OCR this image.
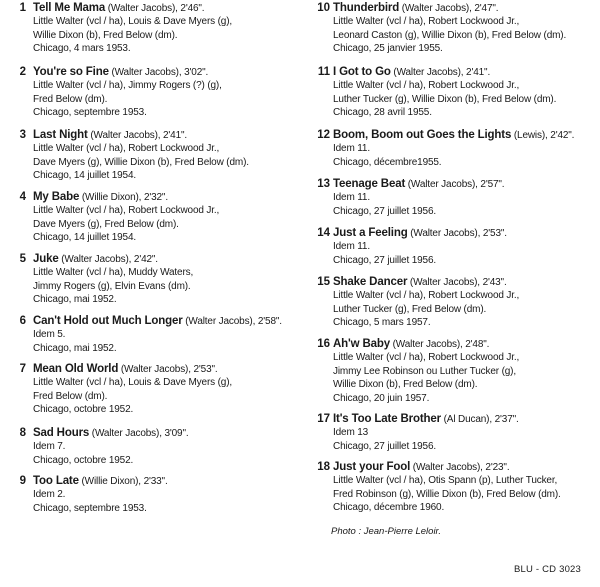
1 Tell Me Mama (Walter Jacobs), 2'46".
Little Walter (vcl / ha), Louis & Dave Myers (g),
Willie Dixon (b), Fred Below (dm).
Chicago, 4 mars 1953.
2 You're so Fine (Walter Jacobs), 3'02".
Little Walter (vcl / ha), Jimmy Rogers (?) (g),
Fred Below (dm).
Chicago, septembre 1953.
3 Last Night (Walter Jacobs), 2'41".
Little Walter (vcl / ha), Robert Lockwood Jr.,
Dave Myers (g), Willie Dixon (b), Fred Below (dm).
Chicago, 14 juillet 1954.
4 My Babe (Willie Dixon), 2'32".
Little Walter (vcl / ha), Robert Lockwood Jr.,
Dave Myers (g), Fred Below (dm).
Chicago, 14 juillet 1954.
5 Juke (Walter Jacobs), 2'42".
Little Walter (vcl / ha), Muddy Waters,
Jimmy Rogers (g), Elvin Evans (dm).
Chicago, mai 1952.
6 Can't Hold out Much Longer (Walter Jacobs), 2'58".
Idem 5.
Chicago, mai 1952.
7 Mean Old World (Walter Jacobs), 2'53".
Little Walter (vcl / ha), Louis & Dave Myers (g),
Fred Below (dm).
Chicago, octobre 1952.
8 Sad Hours (Walter Jacobs), 3'09".
Idem 7.
Chicago, octobre 1952.
9 Too Late (Willie Dixon), 2'33".
Idem 2.
Chicago, septembre 1953.
10 Thunderbird (Walter Jacobs), 2'47".
Little Walter (vcl / ha), Robert Lockwood Jr.,
Leonard Caston (g), Willie Dixon (b), Fred Below (dm).
Chicago, 25 janvier 1955.
11 I Got to Go (Walter Jacobs), 2'41".
Little Walter (vcl / ha), Robert Lockwood Jr.,
Luther Tucker (g), Willie Dixon (b), Fred Below (dm).
Chicago, 28 avril 1955.
12 Boom, Boom out Goes the Lights (Lewis), 2'42".
Idem 11.
Chicago, décembre1955.
13 Teenage Beat (Walter Jacobs), 2'57".
Idem 11.
Chicago, 27 juillet 1956.
14 Just a Feeling (Walter Jacobs), 2'53".
Idem 11.
Chicago, 27 juillet 1956.
15 Shake Dancer (Walter Jacobs), 2'43".
Little Walter (vcl / ha), Robert Lockwood Jr.,
Luther Tucker (g), Fred Below (dm).
Chicago, 5 mars 1957.
16 Ah'w Baby (Walter Jacobs), 2'48".
Little Walter (vcl / ha), Robert Lockwood Jr.,
Jimmy Lee Robinson ou Luther Tucker (g),
Willie Dixon (b), Fred Below (dm).
Chicago, 20 juin 1957.
17 It's Too Late Brother (Al Ducan), 2'37".
Idem 13
Chicago, 27 juillet 1956.
18 Just your Fool (Walter Jacobs), 2'23".
Little Walter (vcl / ha), Otis Spann (p), Luther Tucker,
Fred Robinson (g), Willie Dixon (b), Fred Below (dm).
Chicago, décembre 1960.
Photo : Jean-Pierre Leloir.
BLU - CD 3023
